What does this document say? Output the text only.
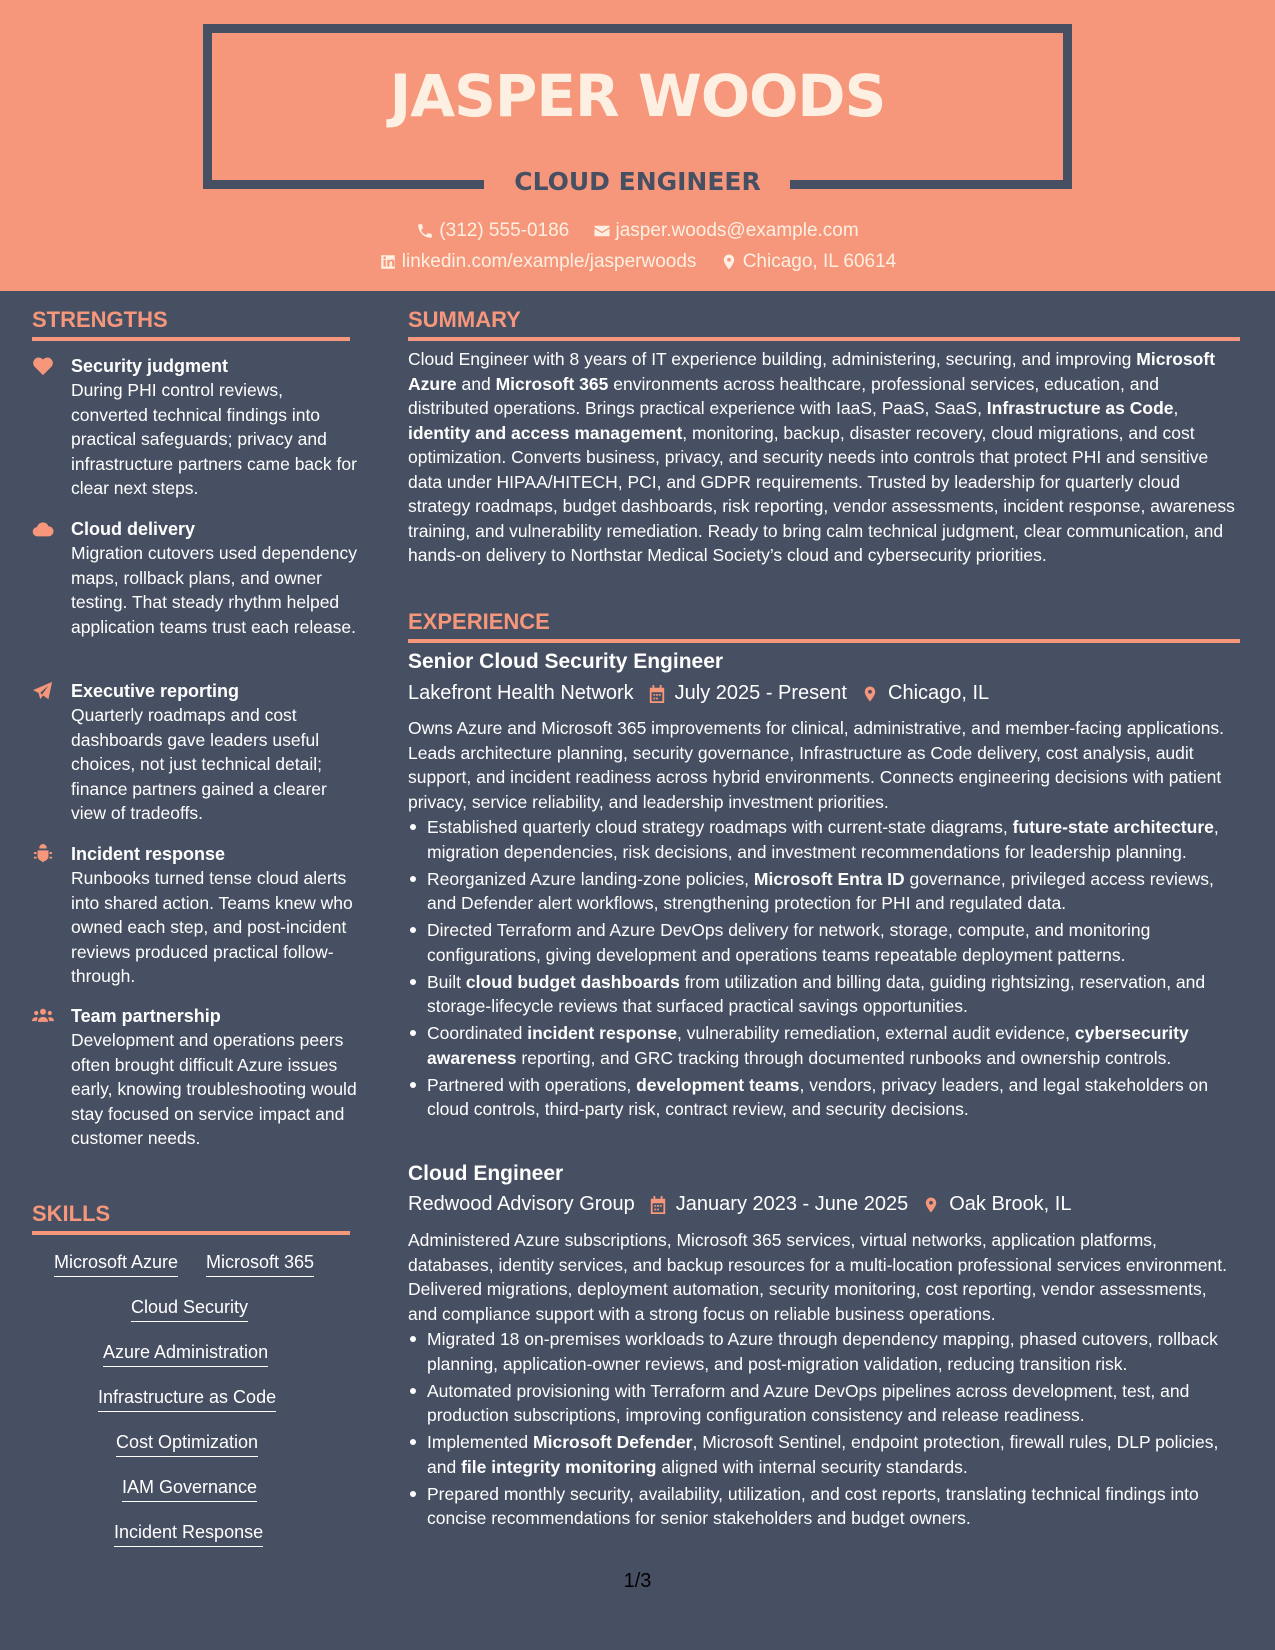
JASPER WOODS
CLOUD ENGINEER
(312) 555-0186
jasper.woods@example.com
linkedin.com/example/jasperwoods
Chicago, IL 60614
STRENGTHS
Security judgment
During PHI control reviews, converted technical findings into practical safeguards; privacy and infrastructure partners came back for clear next steps.
Cloud delivery
Migration cutovers used dependency maps, rollback plans, and owner testing. That steady rhythm helped application teams trust each release.
Executive reporting
Quarterly roadmaps and cost dashboards gave leaders useful choices, not just technical detail; finance partners gained a clearer view of tradeoffs.
Incident response
Runbooks turned tense cloud alerts into shared action. Teams knew who owned each step, and post-incident reviews produced practical follow-through.
Team partnership
Development and operations peers often brought difficult Azure issues early, knowing troubleshooting would stay focused on service impact and customer needs.
SKILLS
Microsoft Azure Microsoft 365
Cloud Security
Azure Administration
Infrastructure as Code
Cost Optimization
IAM Governance
Incident Response
SUMMARY
Cloud Engineer with 8 years of IT experience building, administering, securing, and improving Microsoft Azure and Microsoft 365 environments across healthcare, professional services, education, and distributed operations. Brings practical experience with IaaS, PaaS, SaaS, Infrastructure as Code, identity and access management, monitoring, backup, disaster recovery, cloud migrations, and cost optimization. Converts business, privacy, and security needs into controls that protect PHI and sensitive data under HIPAA/HITECH, PCI, and GDPR requirements. Trusted by leadership for quarterly cloud strategy roadmaps, budget dashboards, risk reporting, vendor assessments, incident response, awareness training, and vulnerability remediation. Ready to bring calm technical judgment, clear communication, and hands-on delivery to Northstar Medical Society’s cloud and cybersecurity priorities.
EXPERIENCE
Senior Cloud Security Engineer
Lakefront Health Network July 2025 - Present Chicago, IL
Owns Azure and Microsoft 365 improvements for clinical, administrative, and member-facing applications. Leads architecture planning, security governance, Infrastructure as Code delivery, cost analysis, audit support, and incident readiness across hybrid environments. Connects engineering decisions with patient privacy, service reliability, and leadership investment priorities.
Established quarterly cloud strategy roadmaps with current-state diagrams, future-state architecture, migration dependencies, risk decisions, and investment recommendations for leadership planning.
Reorganized Azure landing-zone policies, Microsoft Entra ID governance, privileged access reviews, and Defender alert workflows, strengthening protection for PHI and regulated data.
Directed Terraform and Azure DevOps delivery for network, storage, compute, and monitoring configurations, giving development and operations teams repeatable deployment patterns.
Built cloud budget dashboards from utilization and billing data, guiding rightsizing, reservation, and storage-lifecycle reviews that surfaced practical savings opportunities.
Coordinated incident response, vulnerability remediation, external audit evidence, cybersecurity awareness reporting, and GRC tracking through documented runbooks and ownership controls.
Partnered with operations, development teams, vendors, privacy leaders, and legal stakeholders on cloud controls, third-party risk, contract review, and security decisions.
Cloud Engineer
Redwood Advisory Group January 2023 - June 2025 Oak Brook, IL
Administered Azure subscriptions, Microsoft 365 services, virtual networks, application platforms, databases, identity services, and backup resources for a multi-location professional services environment. Delivered migrations, deployment automation, security monitoring, cost reporting, vendor assessments, and compliance support with a strong focus on reliable business operations.
Migrated 18 on-premises workloads to Azure through dependency mapping, phased cutovers, rollback planning, application-owner reviews, and post-migration validation, reducing transition risk.
Automated provisioning with Terraform and Azure DevOps pipelines across development, test, and production subscriptions, improving configuration consistency and release readiness.
Implemented Microsoft Defender, Microsoft Sentinel, endpoint protection, firewall rules, DLP policies, and file integrity monitoring aligned with internal security standards.
Prepared monthly security, availability, utilization, and cost reports, translating technical findings into concise recommendations for senior stakeholders and budget owners.
1/3
